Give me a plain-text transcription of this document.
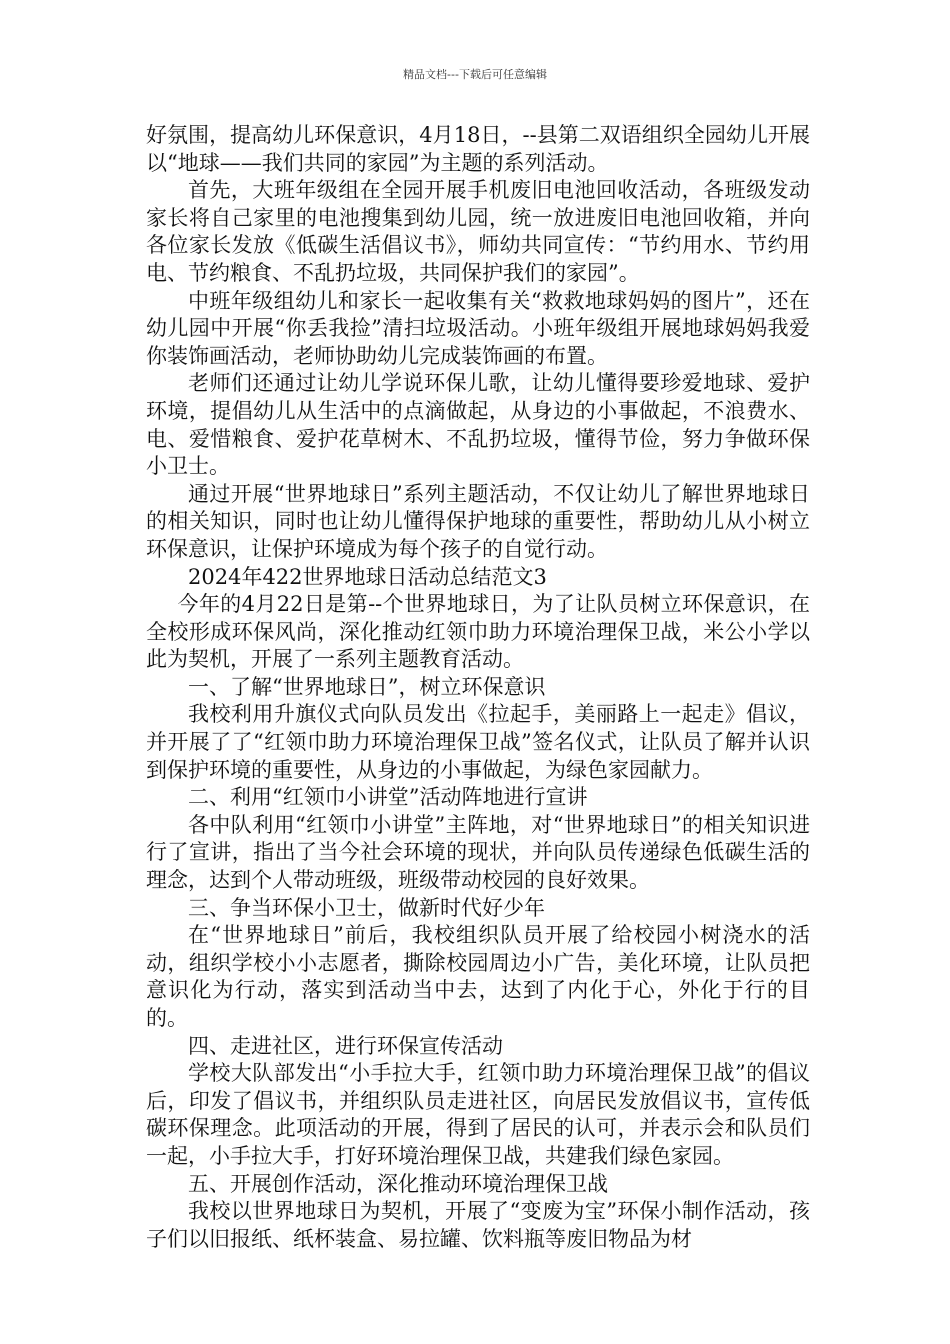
精品文档---下载后可任意编辑

好氛围，提高幼儿环保意识，4月18日，--县第二双语组织全园幼儿开展以“地球——我们共同的家园”为主题的系列活动。

首先，大班年级组在全园开展手机废旧电池回收活动，各班级发动家长将自己家里的电池搜集到幼儿园，统一放进废旧电池回收箱，并向各位家长发放《低碳生活倡议书》，师幼共同宣传：“节约用水、节约用电、节约粮食、不乱扔垃圾，共同保护我们的家园”。

中班年级组幼儿和家长一起收集有关“救救地球妈妈的图片”，还在幼儿园中开展“你丢我捡”清扫垃圾活动。小班年级组开展地球妈妈我爱你装饰画活动，老师协助幼儿完成装饰画的布置。

老师们还通过让幼儿学说环保儿歌，让幼儿懂得要珍爱地球、爱护环境，提倡幼儿从生活中的点滴做起，从身边的小事做起，不浪费水、电、爱惜粮食、爱护花草树木、不乱扔垃圾，懂得节俭，努力争做环保小卫士。

通过开展“世界地球日”系列主题活动，不仅让幼儿了解世界地球日的相关知识，同时也让幼儿懂得保护地球的重要性，帮助幼儿从小树立环保意识，让保护环境成为每个孩子的自觉行动。

2024年422世界地球日活动总结范文3

今年的4月22日是第--个世界地球日，为了让队员树立环保意识，在全校形成环保风尚，深化推动红领巾助力环境治理保卫战，米公小学以此为契机，开展了一系列主题教育活动。

一、了解“世界地球日”，树立环保意识

我校利用升旗仪式向队员发出《拉起手，美丽路上一起走》倡议，并开展了了“红领巾助力环境治理保卫战”签名仪式，让队员了解并认识到保护环境的重要性，从身边的小事做起，为绿色家园献力。

二、利用“红领巾小讲堂”活动阵地进行宣讲

各中队利用“红领巾小讲堂”主阵地，对“世界地球日”的相关知识进行了宣讲，指出了当今社会环境的现状，并向队员传递绿色低碳生活的理念，达到个人带动班级，班级带动校园的良好效果。

三、争当环保小卫士，做新时代好少年

在“世界地球日”前后，我校组织队员开展了给校园小树浇水的活动，组织学校小小志愿者，撕除校园周边小广告，美化环境，让队员把意识化为行动，落实到活动当中去，达到了内化于心，外化于行的目的。

四、走进社区，进行环保宣传活动

学校大队部发出“小手拉大手，红领巾助力环境治理保卫战”的倡议后，印发了倡议书，并组织队员走进社区，向居民发放倡议书，宣传低碳环保理念。此项活动的开展，得到了居民的认可，并表示会和队员们一起，小手拉大手，打好环境治理保卫战，共建我们绿色家园。

五、开展创作活动，深化推动环境治理保卫战

我校以世界地球日为契机，开展了“变废为宝”环保小制作活动，孩子们以旧报纸、纸杯装盒、易拉罐、饮料瓶等废旧物品为材
